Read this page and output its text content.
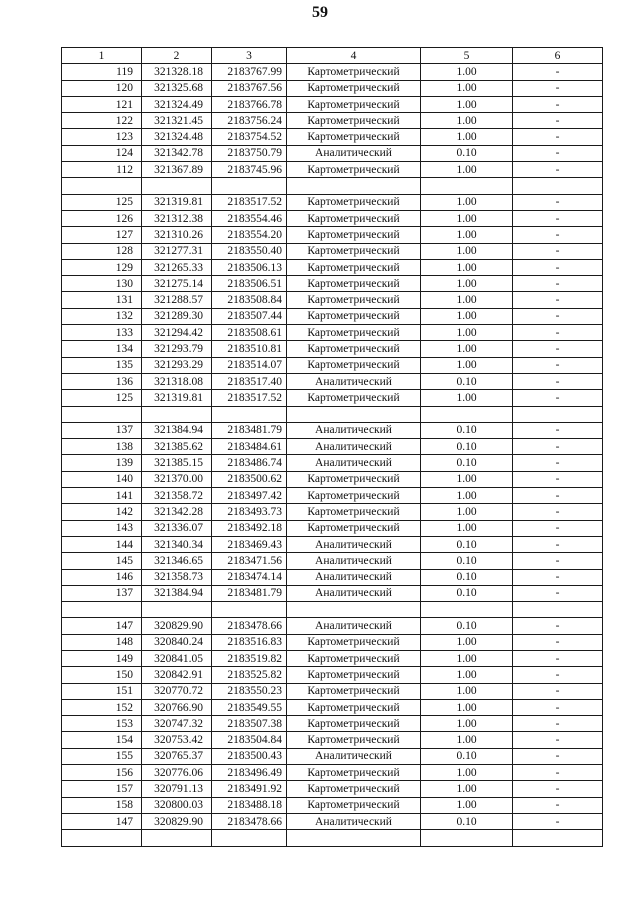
59
1	2	3	4	5	6
119	321328.18	2183767.99	Картометрический	1.00	-
120	321325.68	2183767.56	Картометрический	1.00	-
121	321324.49	2183766.78	Картометрический	1.00	-
122	321321.45	2183756.24	Картометрический	1.00	-
123	321324.48	2183754.52	Картометрический	1.00	-
124	321342.78	2183750.79	Аналитический	0.10	-
112	321367.89	2183745.96	Картометрический	1.00	-

125	321319.81	2183517.52	Картометрический	1.00	-
126	321312.38	2183554.46	Картометрический	1.00	-
127	321310.26	2183554.20	Картометрический	1.00	-
128	321277.31	2183550.40	Картометрический	1.00	-
129	321265.33	2183506.13	Картометрический	1.00	-
130	321275.14	2183506.51	Картометрический	1.00	-
131	321288.57	2183508.84	Картометрический	1.00	-
132	321289.30	2183507.44	Картометрический	1.00	-
133	321294.42	2183508.61	Картометрический	1.00	-
134	321293.79	2183510.81	Картометрический	1.00	-
135	321293.29	2183514.07	Картометрический	1.00	-
136	321318.08	2183517.40	Аналитический	0.10	-
125	321319.81	2183517.52	Картометрический	1.00	-

137	321384.94	2183481.79	Аналитический	0.10	-
138	321385.62	2183484.61	Аналитический	0.10	-
139	321385.15	2183486.74	Аналитический	0.10	-
140	321370.00	2183500.62	Картометрический	1.00	-
141	321358.72	2183497.42	Картометрический	1.00	-
142	321342.28	2183493.73	Картометрический	1.00	-
143	321336.07	2183492.18	Картометрический	1.00	-
144	321340.34	2183469.43	Аналитический	0.10	-
145	321346.65	2183471.56	Аналитический	0.10	-
146	321358.73	2183474.14	Аналитический	0.10	-
137	321384.94	2183481.79	Аналитический	0.10	-

147	320829.90	2183478.66	Аналитический	0.10	-
148	320840.24	2183516.83	Картометрический	1.00	-
149	320841.05	2183519.82	Картометрический	1.00	-
150	320842.91	2183525.82	Картометрический	1.00	-
151	320770.72	2183550.23	Картометрический	1.00	-
152	320766.90	2183549.55	Картометрический	1.00	-
153	320747.32	2183507.38	Картометрический	1.00	-
154	320753.42	2183504.84	Картометрический	1.00	-
155	320765.37	2183500.43	Аналитический	0.10	-
156	320776.06	2183496.49	Картометрический	1.00	-
157	320791.13	2183491.92	Картометрический	1.00	-
158	320800.03	2183488.18	Картометрический	1.00	-
147	320829.90	2183478.66	Аналитический	0.10	-
